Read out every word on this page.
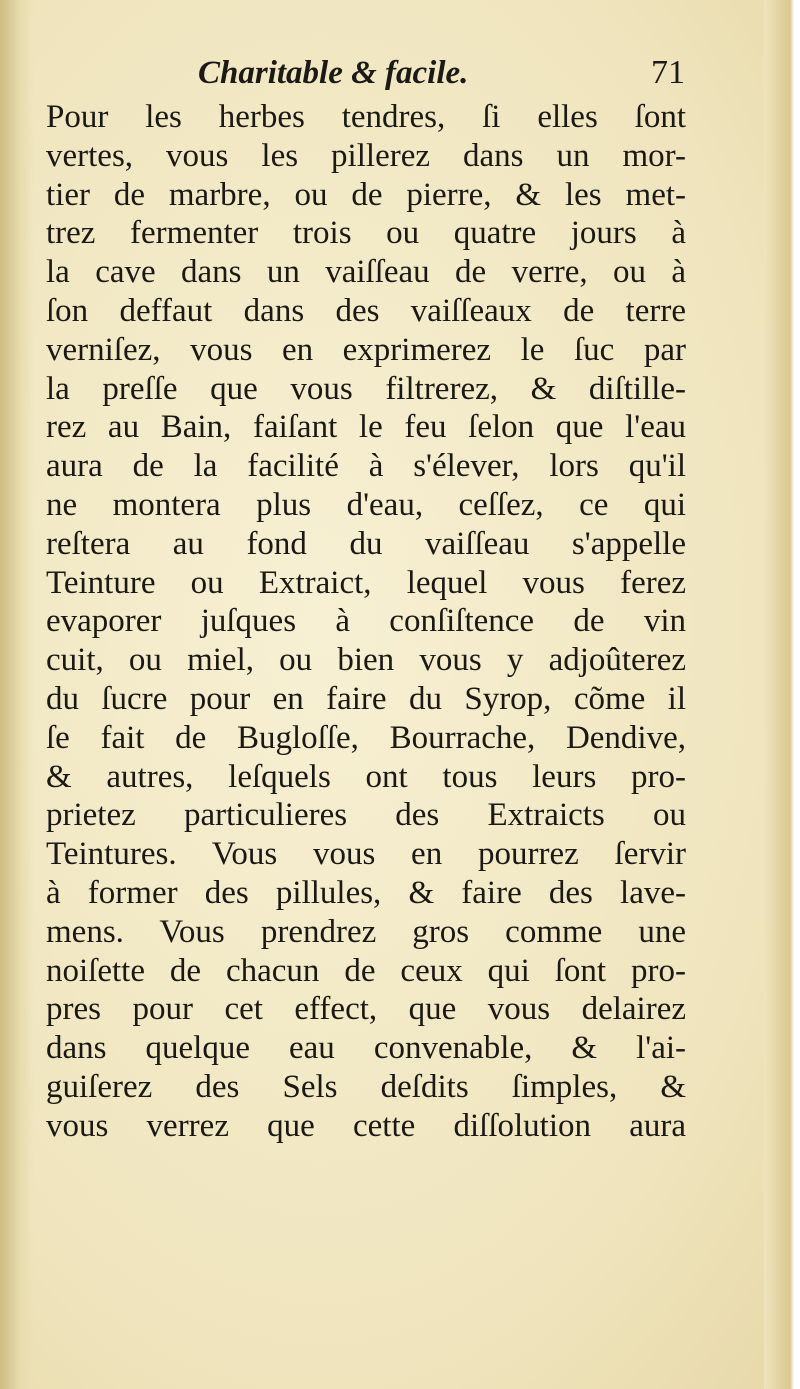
Charitable & facile.	71
Pour les herbes tendres, ſi elles ſont
vertes, vous les pillerez dans un mor-
tier de marbre, ou de pierre, & les met-
trez fermenter trois ou quatre jours à
la cave dans un vaiſſeau de verre, ou à
ſon deffaut dans des vaiſſeaux de terre
verniſez, vous en exprimerez le ſuc par
la preſſe que vous filtrerez, & diſtille-
rez au Bain, faiſant le feu ſelon que l'eau
aura de la facilité à s'élever, lors qu'il
ne montera plus d'eau, ceſſez, ce qui
reſtera au fond du vaiſſeau s'appelle
Teinture ou Extraict, lequel vous ferez
evaporer juſques à conſiſtence de vin
cuit, ou miel, ou bien vous y adjoûterez
du ſucre pour en faire du Syrop, cõme il
ſe fait de Bugloſſe, Bourrache, Dendive,
& autres, leſquels ont tous leurs pro-
prietez particulieres des Extraicts ou
Teintures. Vous vous en pourrez ſervir
à former des pillules, & faire des lave-
mens. Vous prendrez gros comme une
noiſette de chacun de ceux qui ſont pro-
pres pour cet effect, que vous delairez
dans quelque eau convenable, & l'ai-
guiſerez des Sels deſdits ſimples, &
vous verrez que cette diſſolution aura
